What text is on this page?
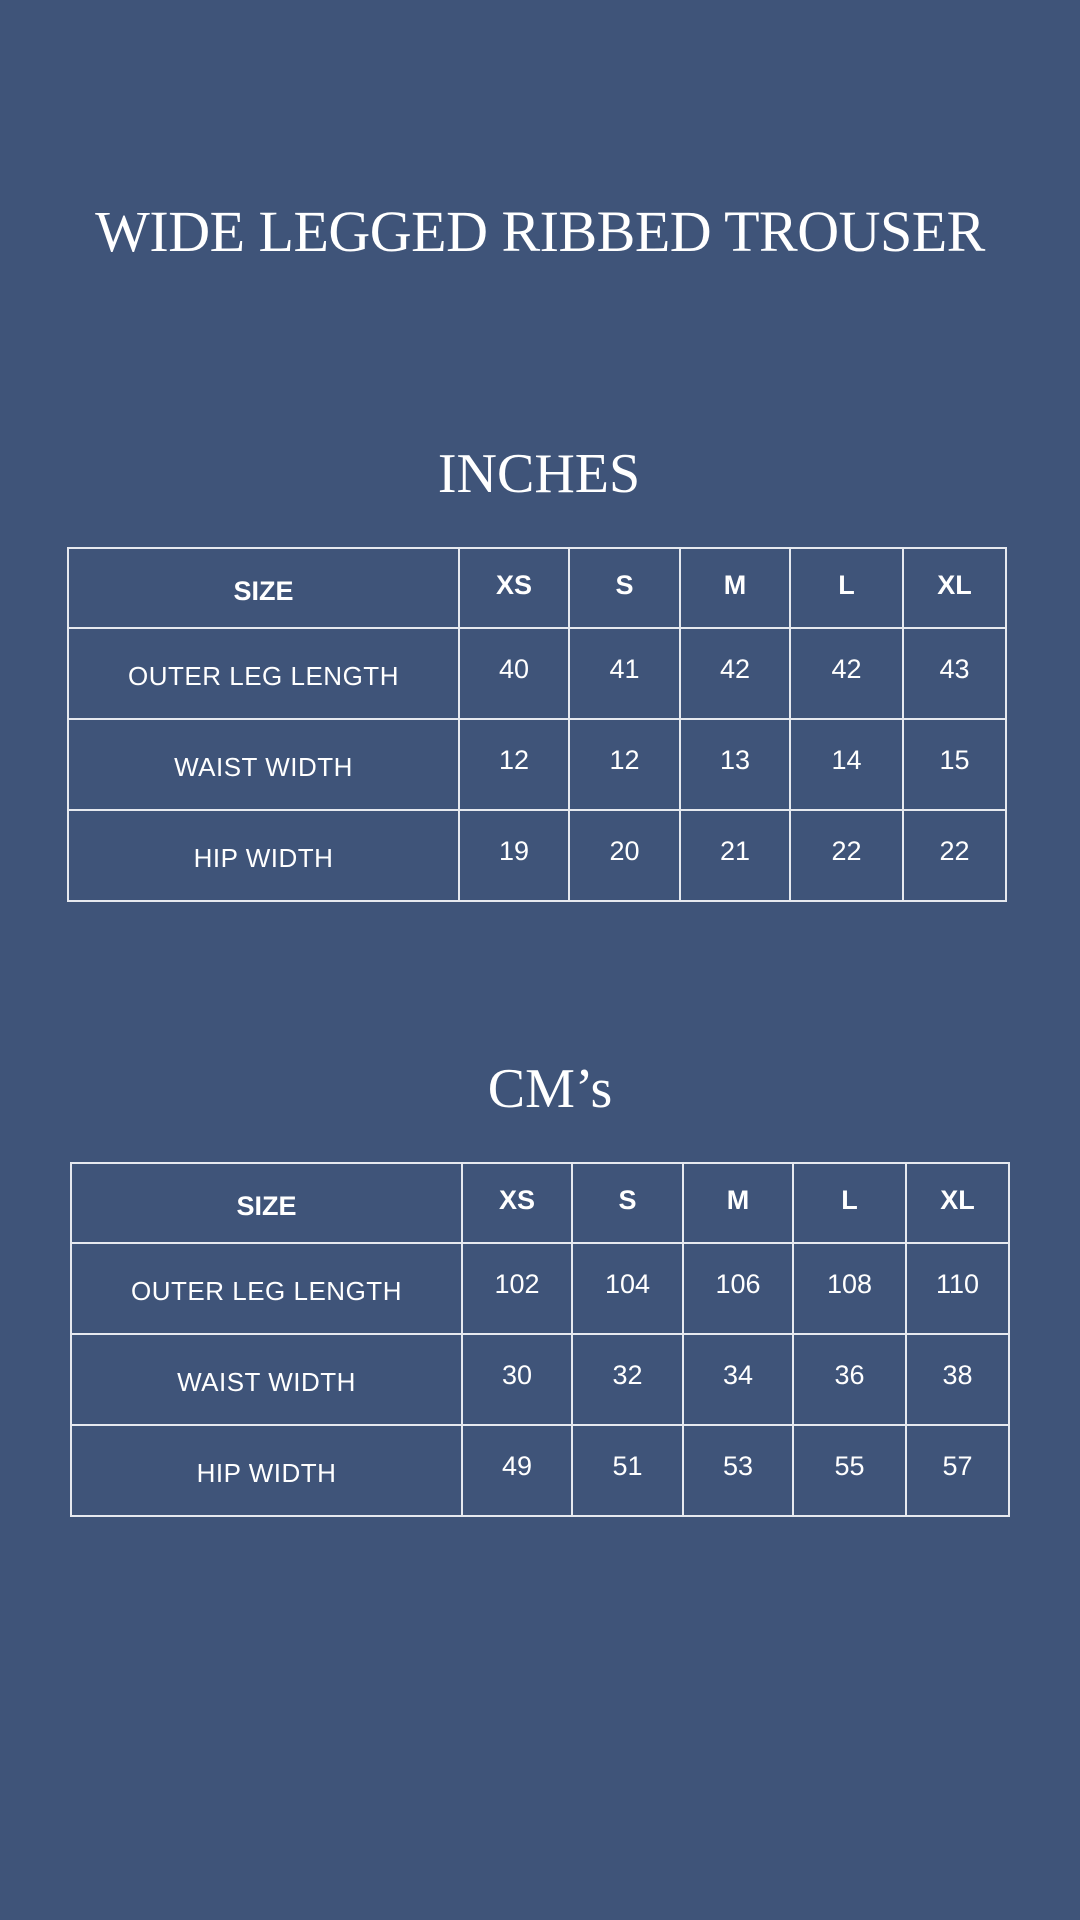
WIDE LEGGED RIBBED TROUSER
INCHES
SIZE	XS	S	M	L	XL
OUTER LEG LENGTH	40	41	42	42	43
WAIST WIDTH	12	12	13	14	15
HIP WIDTH	19	20	21	22	22
CM’s
SIZE	XS	S	M	L	XL
OUTER LEG LENGTH	102	104	106	108	110
WAIST WIDTH	30	32	34	36	38
HIP WIDTH	49	51	53	55	57
